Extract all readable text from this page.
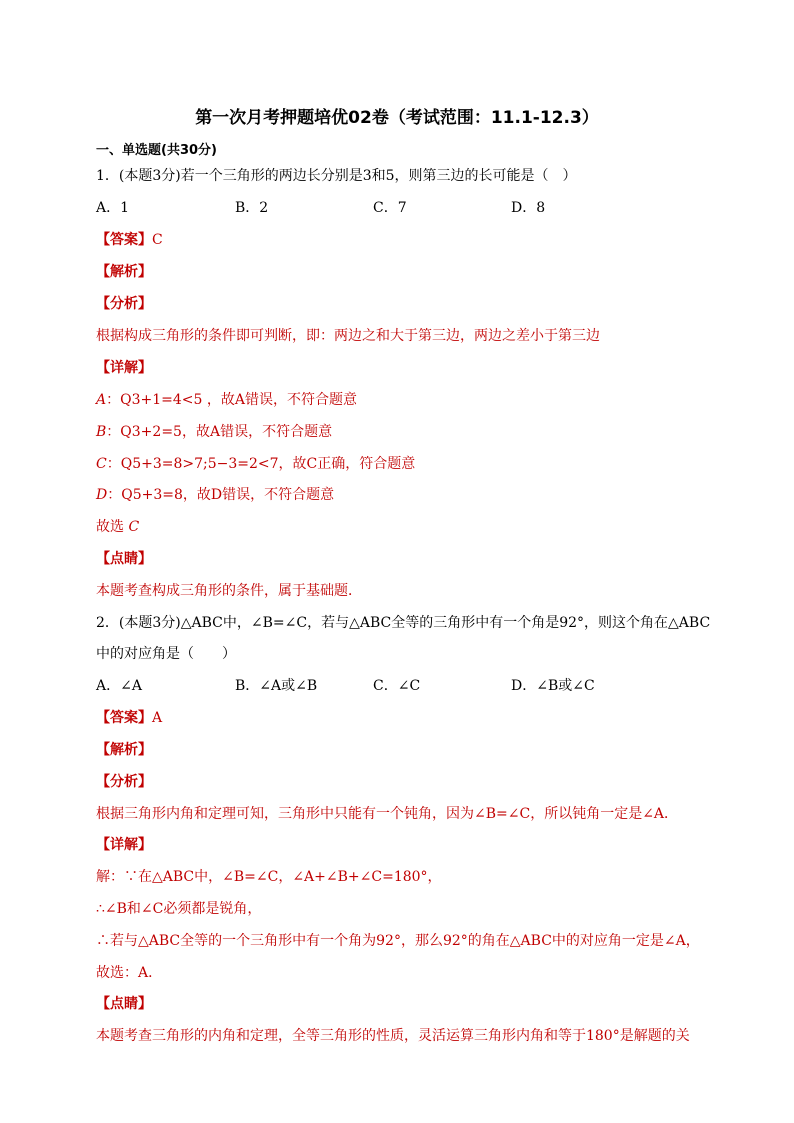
第一次月考押题培优02卷（考试范围：11.1-12.3）
一、单选题(共30分)
1．(本题3分)若一个三角形的两边长分别是3和5，则第三边的长可能是（　）
A．1	B．2	C．7	D．8
【答案】C
【解析】
【分析】
根据构成三角形的条件即可判断，即：两边之和大于第三边，两边之差小于第三边
【详解】
A：Q3+1=4<5 ，故A错误，不符合题意
B：Q3+2=5，故A错误，不符合题意
C：Q5+3=8>7;5−3=2<7，故C正确，符合题意
D：Q5+3=8，故D错误，不符合题意
故选 C
【点睛】
本题考查构成三角形的条件，属于基础题．
2．(本题3分)△ABC中，∠B=∠C，若与△ABC全等的三角形中有一个角是92°，则这个角在△ABC
中的对应角是（　　）
A．∠A	B．∠A或∠B	C．∠C	D．∠B或∠C
【答案】A
【解析】
【分析】
根据三角形内角和定理可知，三角形中只能有一个钝角，因为∠B=∠C，所以钝角一定是∠A．
【详解】
解：∵在△ABC中，∠B=∠C，∠A+∠B+∠C=180°，
∴∠B和∠C必须都是锐角，
∴若与△ABC全等的一个三角形中有一个角为92°，那么92°的角在△ABC中的对应角一定是∠A，
故选：A．
【点睛】
本题考查三角形的内角和定理，全等三角形的性质，灵活运算三角形内角和等于180°是解题的关
